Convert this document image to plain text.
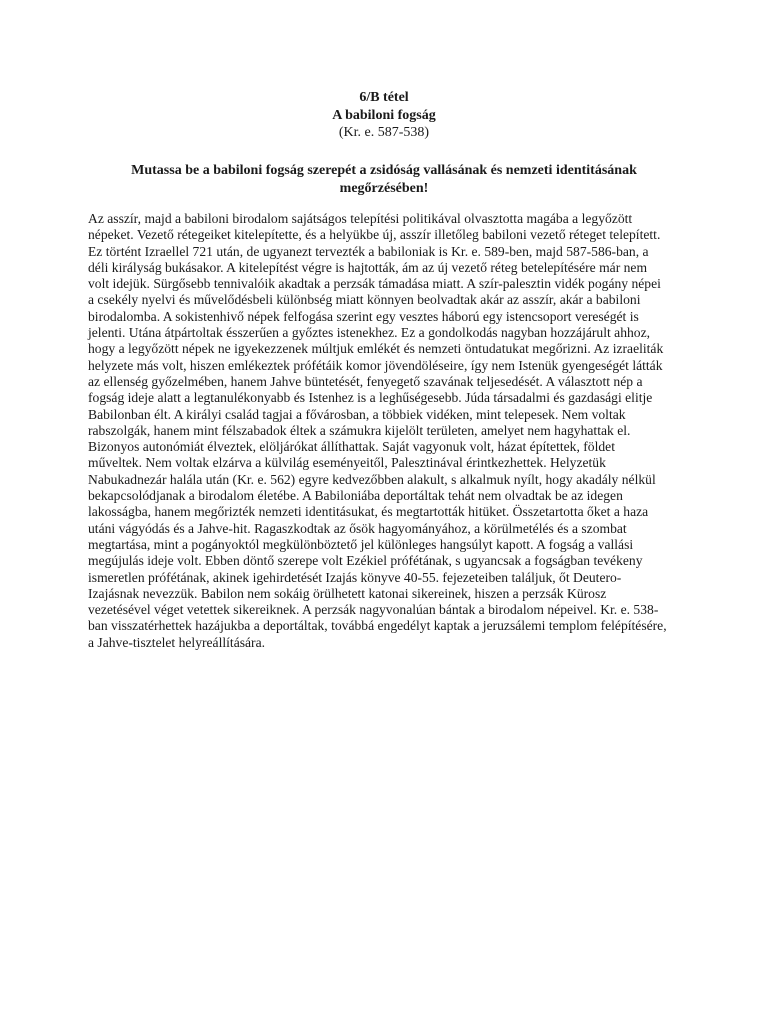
6/B tétel
A babiloni fogság
(Kr. e. 587-538)
Mutassa be a babiloni fogság szerepét a zsidóság vallásának és nemzeti identitásának megőrzésében!
Az asszír, majd a babiloni birodalom sajátságos telepítési politikával olvasztotta magába a legyőzött
népeket. Vezető rétegeiket kitelepítette, és a helyükbe új, asszír illetőleg babiloni vezető réteget telepített.
Ez történt Izraellel 721 után, de ugyanezt tervezték a babiloniak is Kr. e. 589-ben, majd 587-586-ban, a
déli királyság bukásakor. A kitelepítést végre is hajtották, ám az új vezető réteg betelepítésére már nem
volt idejük. Sürgősebb tennivalóik akadtak a perzsák támadása miatt. A szír-palesztin vidék pogány népei
a csekély nyelvi és művelődésbeli különbség miatt könnyen beolvadtak akár az asszír, akár a babiloni
birodalomba. A sokistenhivő népek felfogása szerint egy vesztes háború egy istencsoport vereségét is
jelenti. Utána átpártoltak ésszerűen a győztes istenekhez. Ez a gondolkodás nagyban hozzájárult ahhoz,
hogy a legyőzött népek ne igyekezzenek múltjuk emlékét és nemzeti öntudatukat megőrizni. Az izraeliták
helyzete más volt, hiszen emlékeztek prófétáik komor jövendöléseire, így nem Istenük gyengeségét látták
az ellenség győzelmében, hanem Jahve büntetését, fenyegető szavának teljesedését. A választott nép a
fogság ideje alatt a legtanulékonyabb és Istenhez is a leghűségesebb. Júda társadalmi és gazdasági elitje
Babilonban élt. A királyi család tagjai a fővárosban, a többiek vidéken, mint telepesek. Nem voltak
rabszolgák, hanem mint félszabadok éltek a számukra kijelölt területen, amelyet nem hagyhattak el.
Bizonyos autonómiát élveztek, elöljárókat állíthattak. Saját vagyonuk volt, házat építettek, földet
műveltek. Nem voltak elzárva a külvilág eseményeitől, Palesztinával érintkezhettek. Helyzetük
Nabukadnezár halála után (Kr. e. 562) egyre kedvezőbben alakult, s alkalmuk nyílt, hogy akadály nélkül
bekapcsolódjanak a birodalom életébe. A Babiloniába deportáltak tehát nem olvadtak be az idegen
lakosságba, hanem megőrizték nemzeti identitásukat, és megtartották hitüket. Összetartotta őket a haza
utáni vágyódás és a Jahve-hit. Ragaszkodtak az ősök hagyományához, a körülmetélés és a szombat
megtartása, mint a pogányoktól megkülönböztető jel különleges hangsúlyt kapott. A fogság a vallási
megújulás ideje volt. Ebben döntő szerepe volt Ezékiel prófétának, s ugyancsak a fogságban tevékeny
ismeretlen prófétának, akinek igehirdetését Izajás könyve 40-55. fejezeteiben találjuk, őt Deutero-
Izajásnak nevezzük. Babilon nem sokáig örülhetett katonai sikereinek, hiszen a perzsák Kürosz
vezetésével véget vetettek sikereiknek. A perzsák nagyvonalúan bántak a birodalom népeivel. Kr. e. 538-
ban visszatérhettek hazájukba a deportáltak, továbbá engedélyt kaptak a jeruzsálemi templom felépítésére,
a Jahve-tisztelet helyreállítására.
